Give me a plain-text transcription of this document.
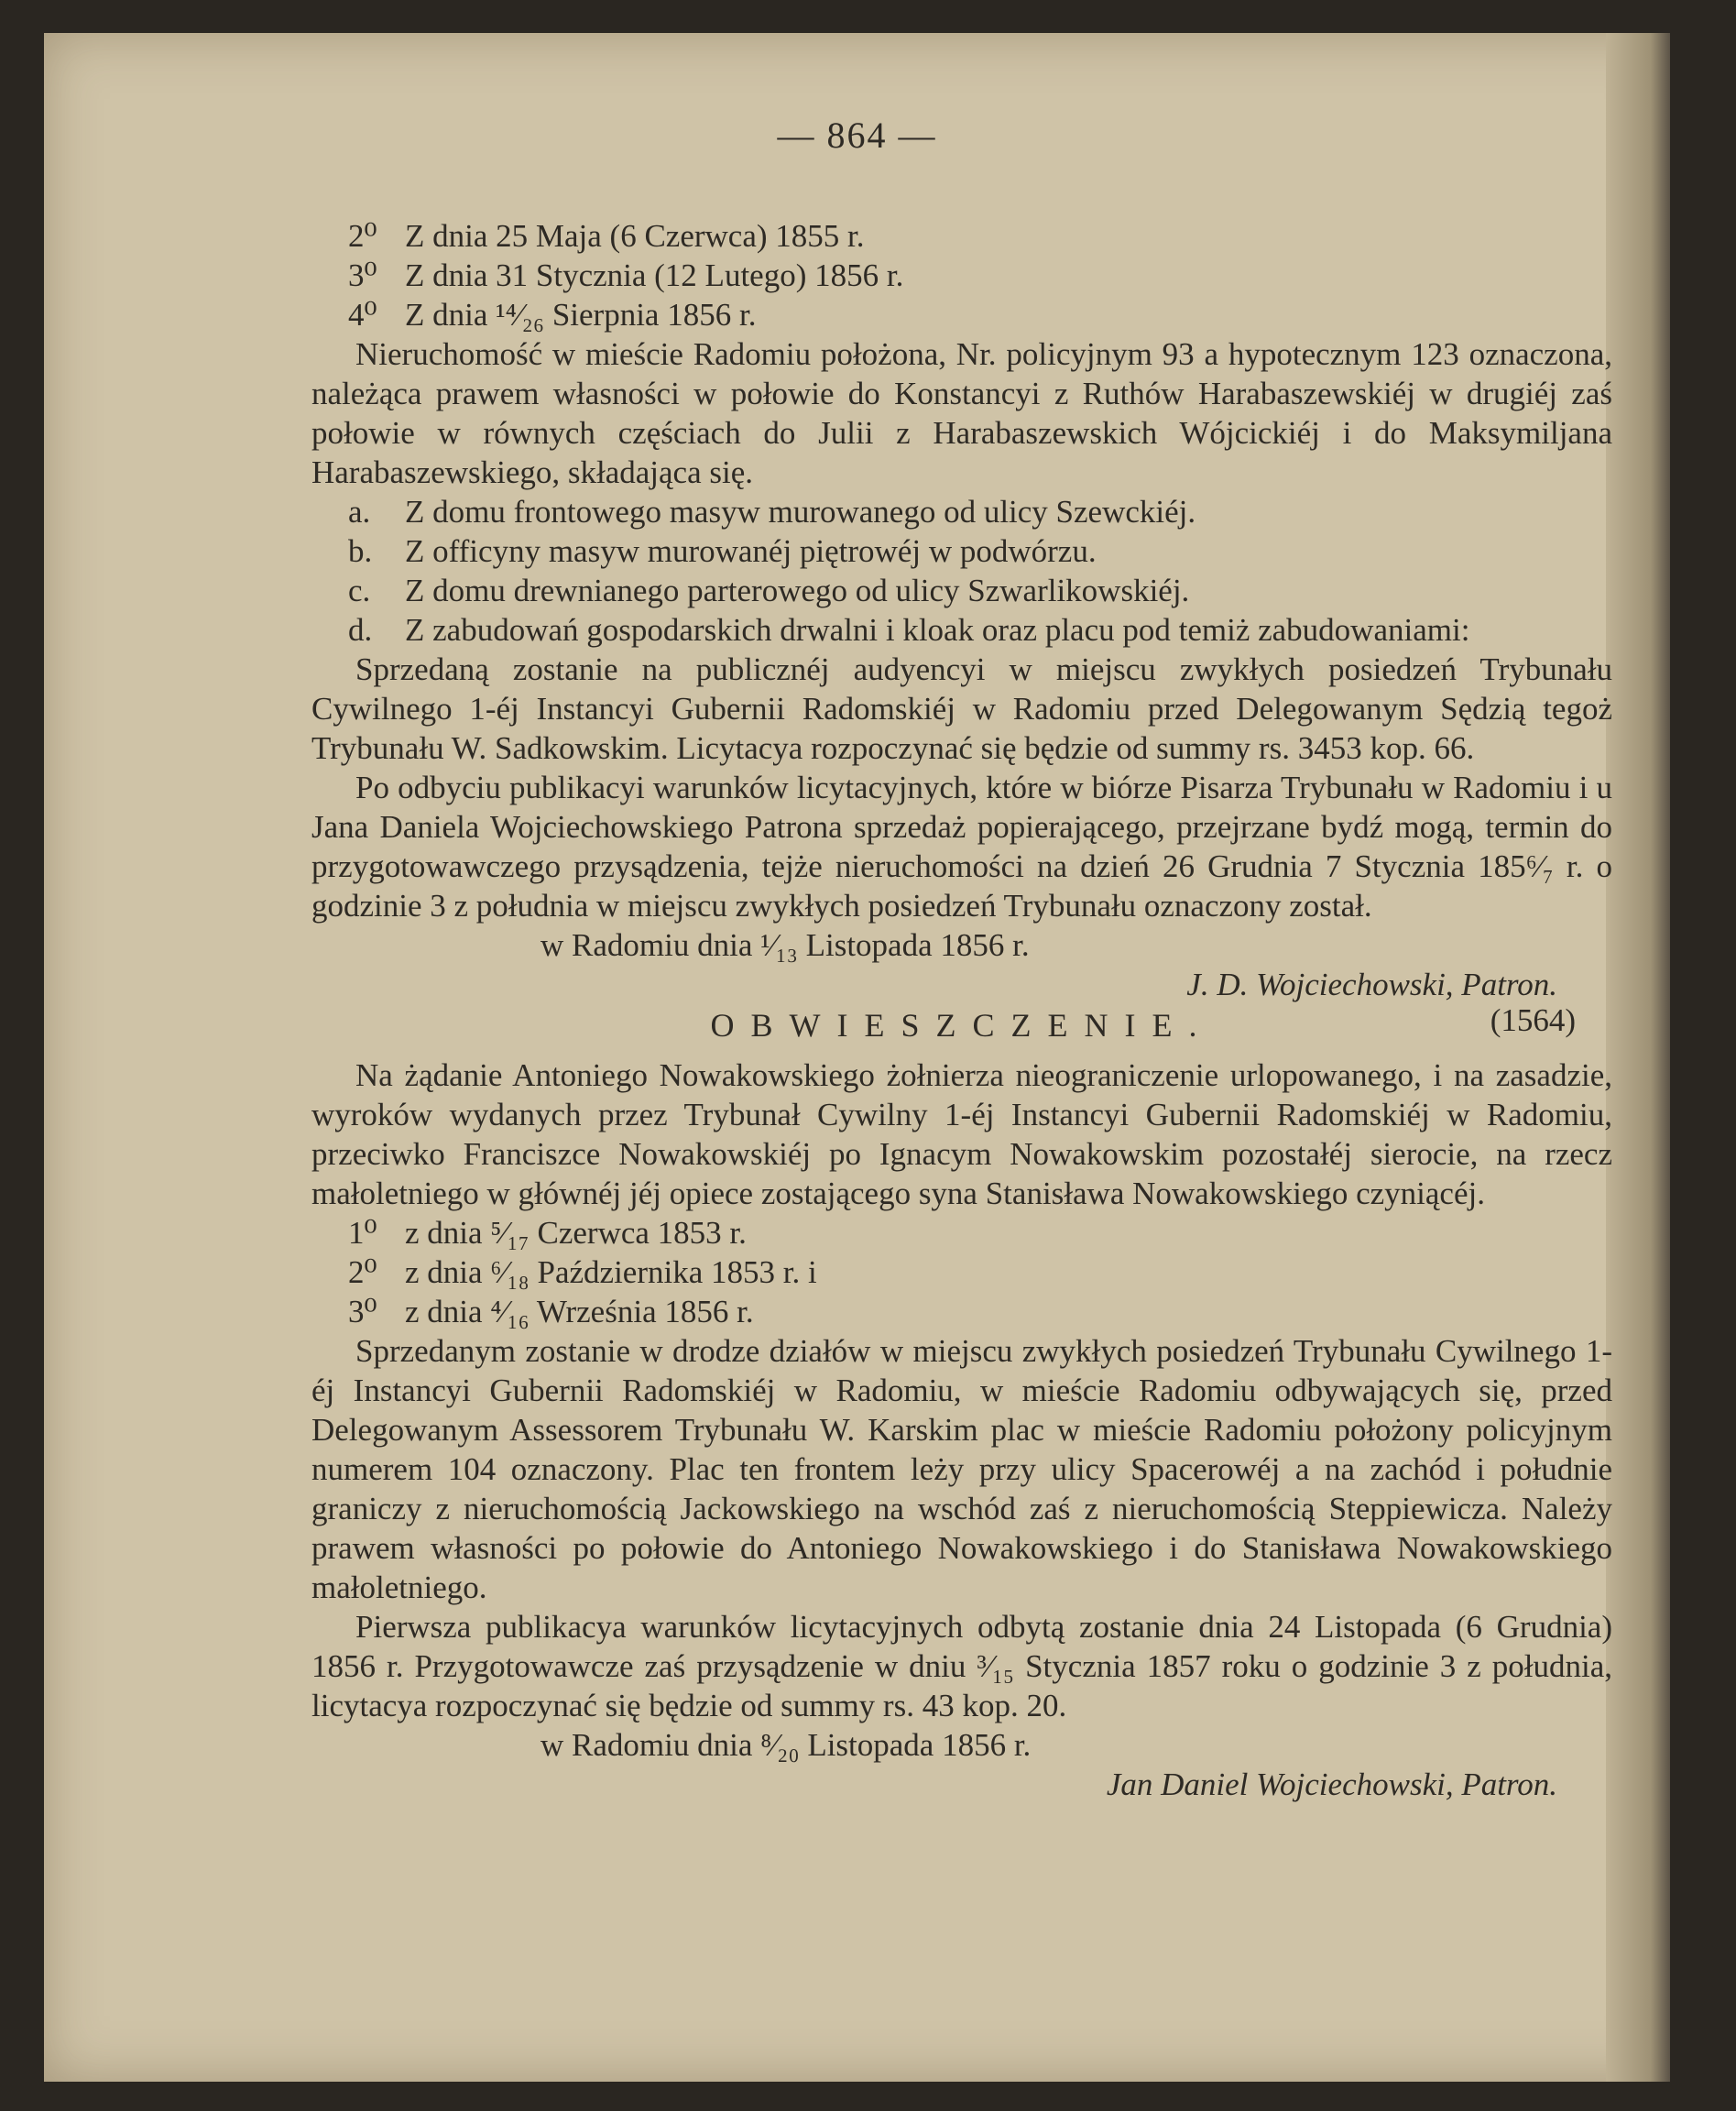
— 864 —

2⁰ Z dnia 25 Maja (6 Czerwca) 1855 r.

3⁰ Z dnia 31 Stycznia (12 Lutego) 1856 r.

4⁰ Z dnia ¹⁴⁄₂₆ Sierpnia 1856 r.

Nieruchomość w mieście Radomiu położona, Nr. policyjnym 93 a hypotecznym 123 oznaczona, należąca prawem własności w połowie do Konstancyi z Ruthów Harabaszewskiéj w drugiéj zaś połowie w równych częściach do Julii z Harabaszewskich Wójcickiéj i do Maksymiljana Harabaszewskiego, składająca się.

a. Z domu frontowego masyw murowanego od ulicy Szewckiéj.

b. Z officyny masyw murowanéj piętrowéj w podwórzu.

c. Z domu drewnianego parterowego od ulicy Szwarlikowskiéj.

d. Z zabudowań gospodarskich drwalni i kloak oraz placu pod temiż zabudowaniami:

Sprzedaną zostanie na publicznéj audyencyi w miejscu zwykłych posiedzeń Trybunału Cywilnego 1-éj Instancyi Gubernii Radomskiéj w Radomiu przed Delegowanym Sędzią tegoż Trybunału W. Sadkowskim. Licytacya rozpoczynać się będzie od summy rs. 3453 kop. 66.

Po odbyciu publikacyi warunków licytacyjnych, które w biórze Pisarza Trybunału w Radomiu i u Jana Daniela Wojciechowskiego Patrona sprzedaż popierającego, przejrzane bydź mogą, termin do przygotowawczego przysądzenia, tejże nieruchomości na dzień 26 Grudnia 7 Stycznia 185⁶⁄₇ r. o godzinie 3 z południa w miejscu zwykłych posiedzeń Trybunału oznaczony został.

w Radomiu dnia ¹⁄₁₃ Listopada 1856 r.

J. D. Wojciechowski, Patron.

OBWIESZCZENIE.	(1564)

Na żądanie Antoniego Nowakowskiego żołnierza nieograniczenie urlopowanego, i na zasadzie, wyroków wydanych przez Trybunał Cywilny 1-éj Instancyi Gubernii Radomskiéj w Radomiu, przeciwko Franciszce Nowakowskiéj po Ignacym Nowakowskim pozostałéj sierocie, na rzecz małoletniego w głównéj jéj opiece zostającego syna Stanisława Nowakowskiego czyniącéj.

1⁰ z dnia ⁵⁄₁₇ Czerwca 1853 r.

2⁰ z dnia ⁶⁄₁₈ Października 1853 r. i

3⁰ z dnia ⁴⁄₁₆ Września 1856 r.

Sprzedanym zostanie w drodze działów w miejscu zwykłych posiedzeń Trybunału Cywilnego 1-éj Instancyi Gubernii Radomskiéj w Radomiu, w mieście Radomiu odbywających się, przed Delegowanym Assessorem Trybunału W. Karskim plac w mieście Radomiu położony policyjnym numerem 104 oznaczony. Plac ten frontem leży przy ulicy Spacerowéj a na zachód i południe graniczy z nieruchomością Jackowskiego na wschód zaś z nieruchomością Steppiewicza. Należy prawem własności po połowie do Antoniego Nowakowskiego i do Stanisława Nowakowskiego małoletniego.

Pierwsza publikacya warunków licytacyjnych odbytą zostanie dnia 24 Listopada (6 Grudnia) 1856 r. Przygotowawcze zaś przysądzenie w dniu ³⁄₁₅ Stycznia 1857 roku o godzinie 3 z południa, licytacya rozpoczynać się będzie od summy rs. 43 kop. 20.

w Radomiu dnia ⁸⁄₂₀ Listopada 1856 r.

Jan Daniel Wojciechowski, Patron.
